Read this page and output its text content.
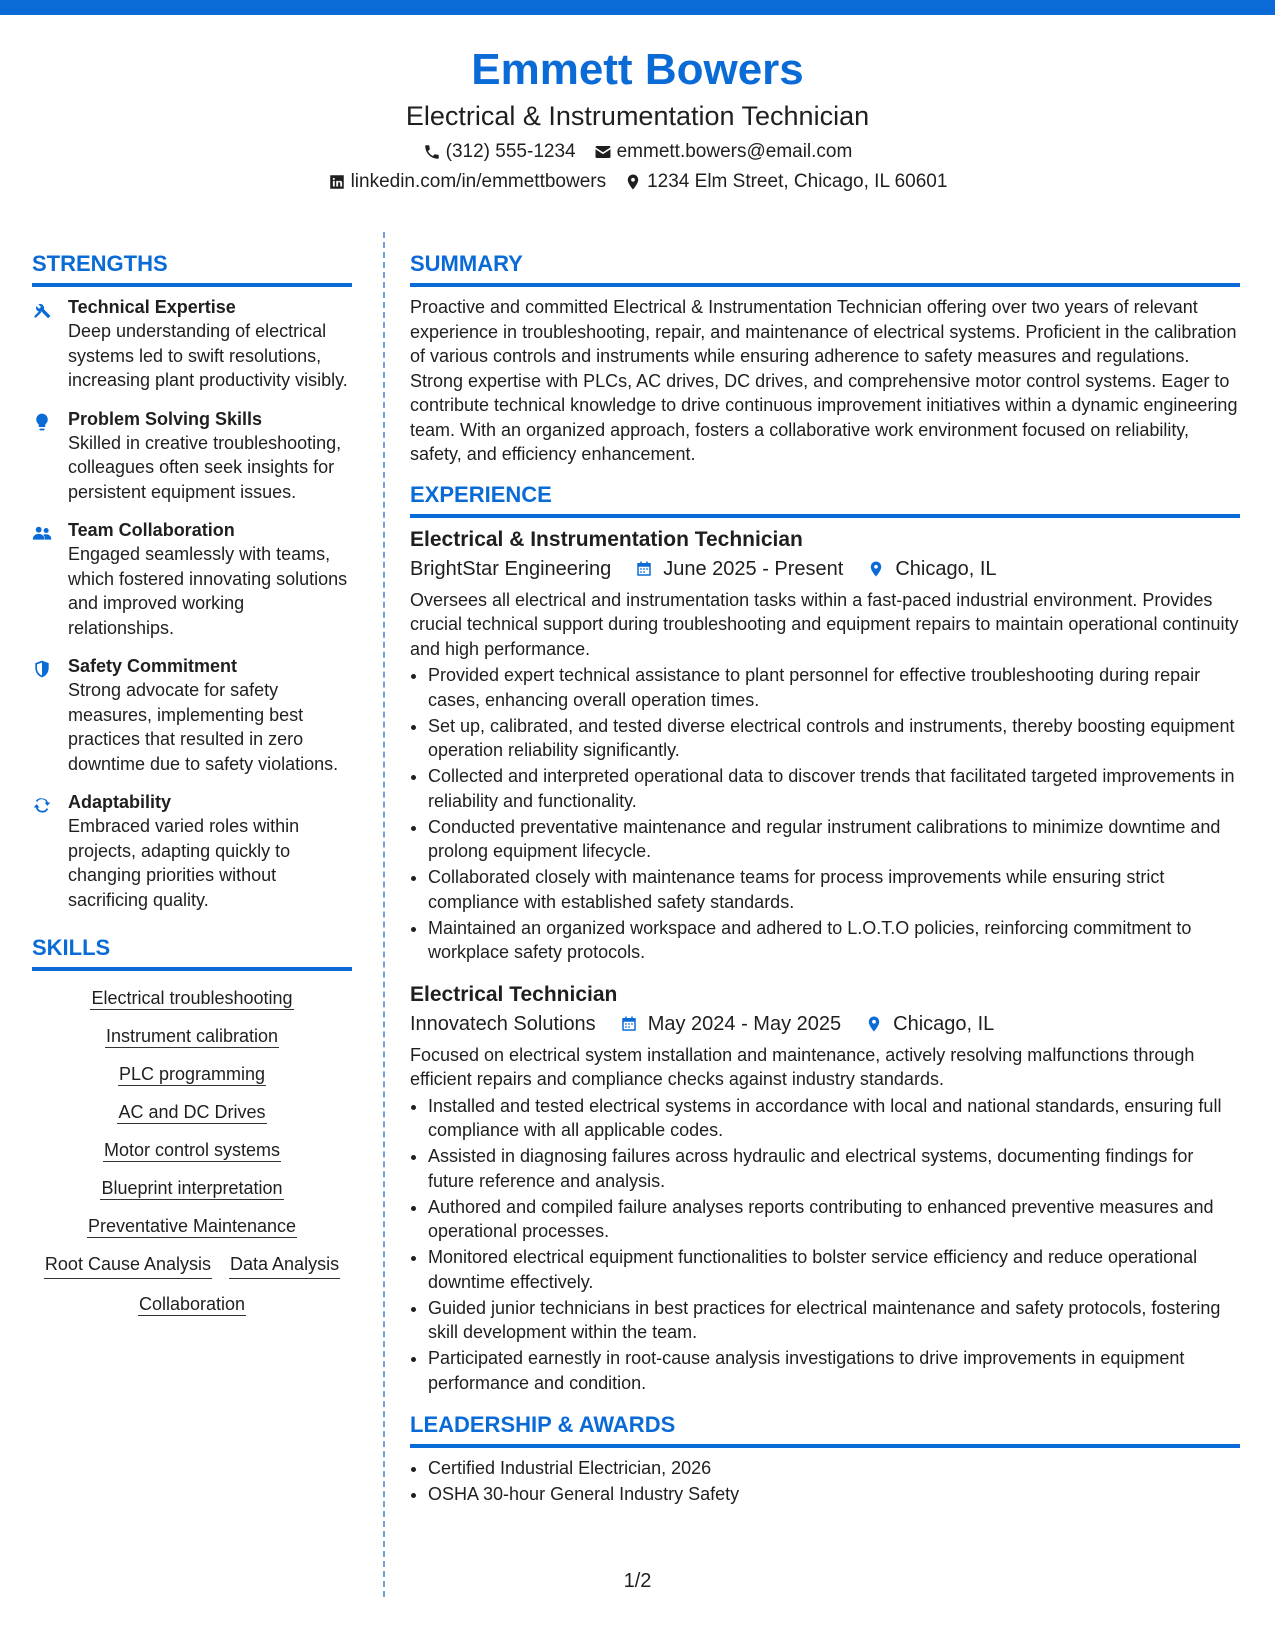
Emmett Bowers
Electrical & Instrumentation Technician
(312) 555-1234 emmett.bowers@email.com
linkedin.com/in/emmettbowers 1234 Elm Street, Chicago, IL 60601
STRENGTHS
Technical Expertise
Deep understanding of electrical systems led to swift resolutions, increasing plant productivity visibly.
Problem Solving Skills
Skilled in creative troubleshooting, colleagues often seek insights for persistent equipment issues.
Team Collaboration
Engaged seamlessly with teams, which fostered innovating solutions and improved working relationships.
Safety Commitment
Strong advocate for safety measures, implementing best practices that resulted in zero downtime due to safety violations.
Adaptability
Embraced varied roles within projects, adapting quickly to changing priorities without sacrificing quality.
SKILLS
Electrical troubleshooting
Instrument calibration
PLC programming
AC and DC Drives
Motor control systems
Blueprint interpretation
Preventative Maintenance
Root Cause Analysis Data Analysis
Collaboration
SUMMARY
Proactive and committed Electrical & Instrumentation Technician offering over two years of relevant experience in troubleshooting, repair, and maintenance of electrical systems. Proficient in the calibration of various controls and instruments while ensuring adherence to safety measures and regulations. Strong expertise with PLCs, AC drives, DC drives, and comprehensive motor control systems. Eager to contribute technical knowledge to drive continuous improvement initiatives within a dynamic engineering team. With an organized approach, fosters a collaborative work environment focused on reliability, safety, and efficiency enhancement.
EXPERIENCE
Electrical & Instrumentation Technician
BrightStar Engineering	June 2025 - Present	Chicago, IL
Oversees all electrical and instrumentation tasks within a fast-paced industrial environment. Provides crucial technical support during troubleshooting and equipment repairs to maintain operational continuity and high performance.
• Provided expert technical assistance to plant personnel for effective troubleshooting during repair cases, enhancing overall operation times.
• Set up, calibrated, and tested diverse electrical controls and instruments, thereby boosting equipment operation reliability significantly.
• Collected and interpreted operational data to discover trends that facilitated targeted improvements in reliability and functionality.
• Conducted preventative maintenance and regular instrument calibrations to minimize downtime and prolong equipment lifecycle.
• Collaborated closely with maintenance teams for process improvements while ensuring strict compliance with established safety standards.
• Maintained an organized workspace and adhered to L.O.T.O policies, reinforcing commitment to workplace safety protocols.
Electrical Technician
Innovatech Solutions	May 2024 - May 2025	Chicago, IL
Focused on electrical system installation and maintenance, actively resolving malfunctions through efficient repairs and compliance checks against industry standards.
• Installed and tested electrical systems in accordance with local and national standards, ensuring full compliance with all applicable codes.
• Assisted in diagnosing failures across hydraulic and electrical systems, documenting findings for future reference and analysis.
• Authored and compiled failure analyses reports contributing to enhanced preventive measures and operational processes.
• Monitored electrical equipment functionalities to bolster service efficiency and reduce operational downtime effectively.
• Guided junior technicians in best practices for electrical maintenance and safety protocols, fostering skill development within the team.
• Participated earnestly in root-cause analysis investigations to drive improvements in equipment performance and condition.
LEADERSHIP & AWARDS
• Certified Industrial Electrician, 2026
• OSHA 30-hour General Industry Safety
1/2
